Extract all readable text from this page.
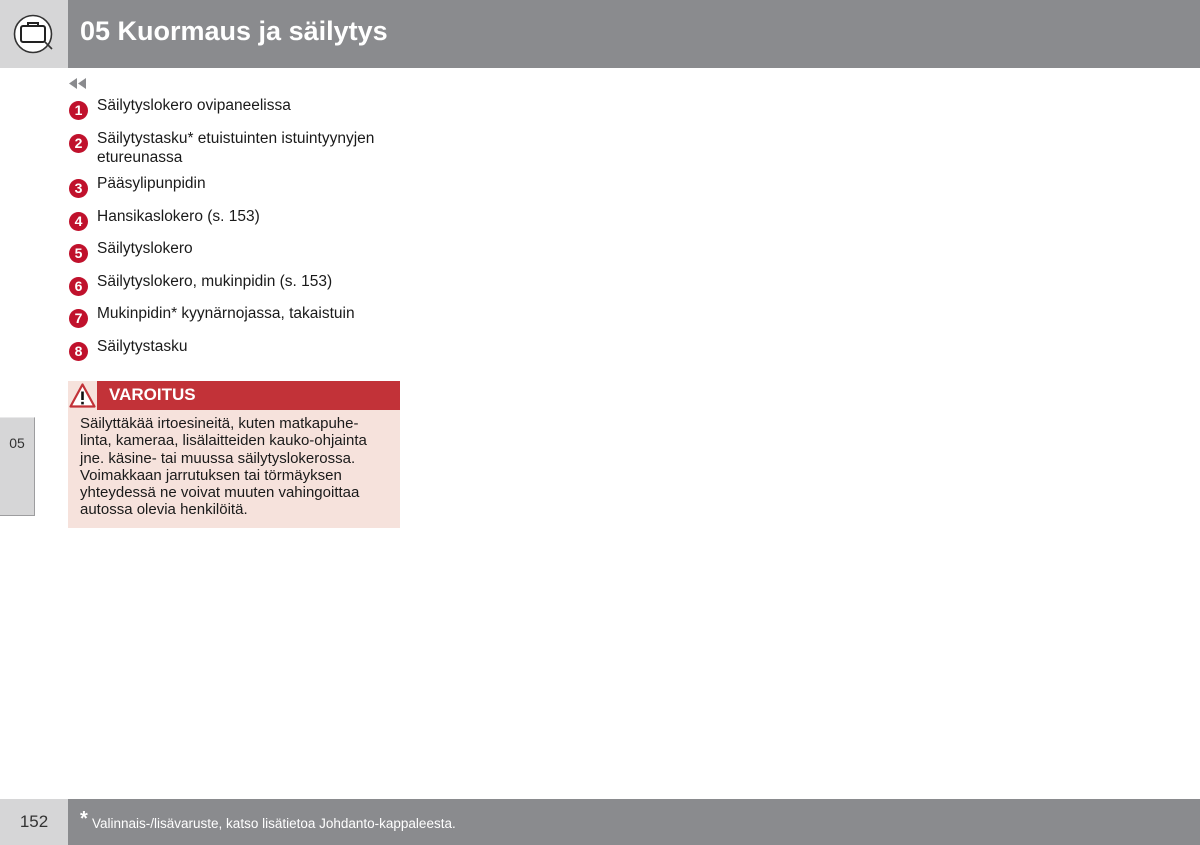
05 Kuormaus ja säilytys
05
1 Säilytyslokero ovipaneelissa
2 Säilytystasku* etuistuinten istuintyynyjen
etureunassa
3 Pääsylipunpidin
4 Hansikaslokero (s. 153)
5 Säilytyslokero
6 Säilytyslokero, mukinpidin (s. 153)
7 Mukinpidin* kyynärnojassa, takaistuin
8 Säilytystasku
VAROITUS
Säilyttäkää irtoesineitä, kuten matkapuhe-
linta, kameraa, lisälaitteiden kauko-ohjainta
jne. käsine- tai muussa säilytyslokerossa.
Voimakkaan jarrutuksen tai törmäyksen
yhteydessä ne voivat muuten vahingoittaa
autossa olevia henkilöitä.
152	* Valinnais-/lisävaruste, katso lisätietoa Johdanto-kappaleesta.
